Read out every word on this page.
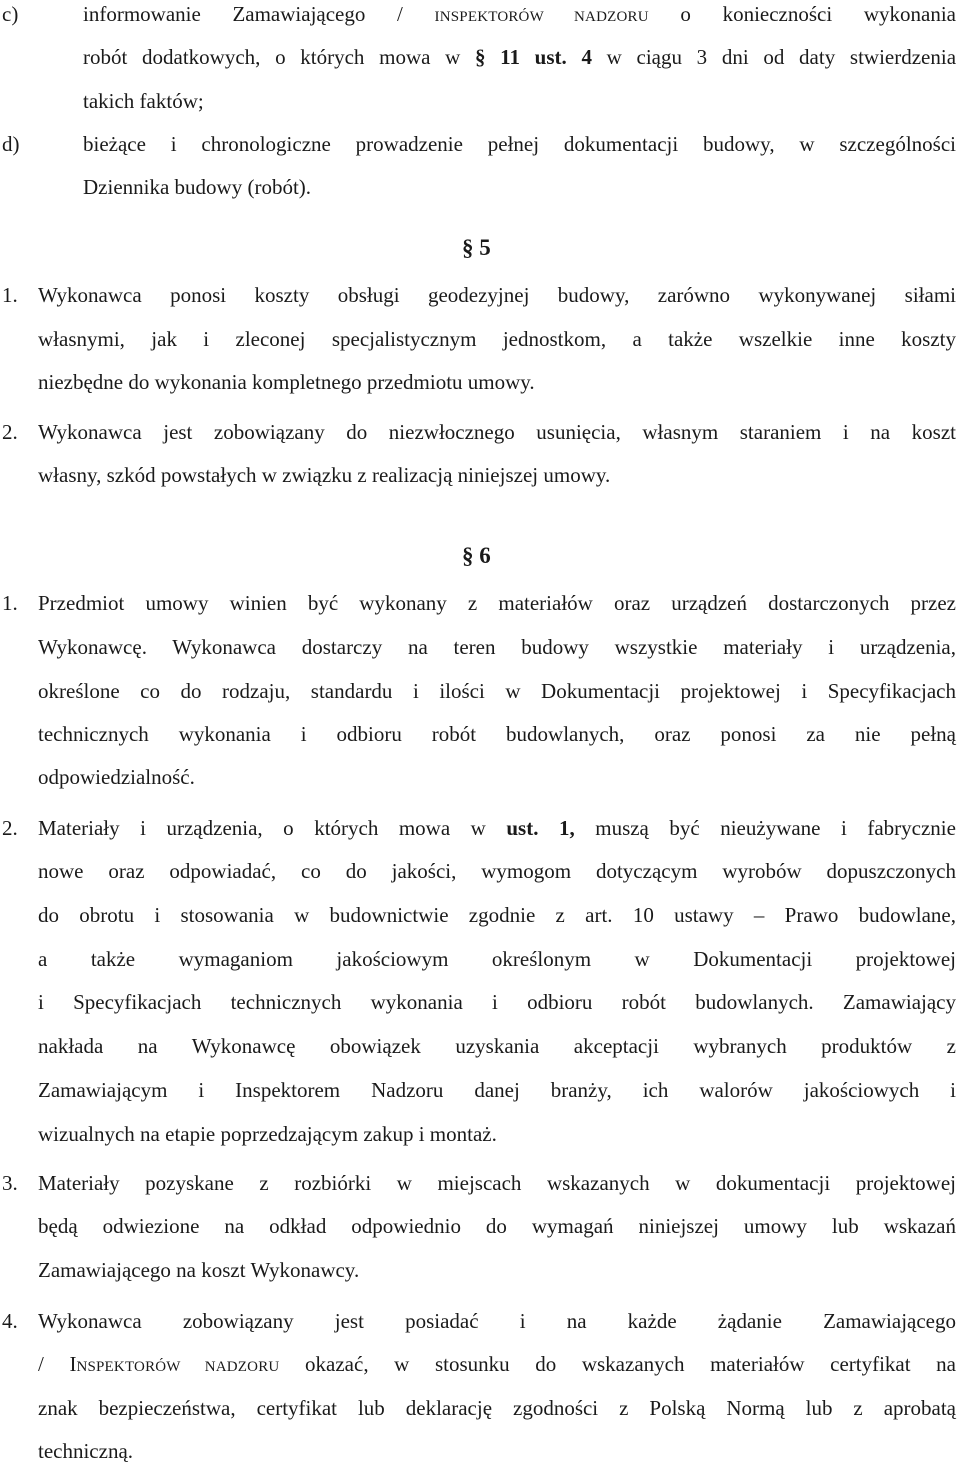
c)	informowanie Zamawiającego / INSPEKTORÓW NADZORU o konieczności wykonania
robót dodatkowych, o których mowa w § 11 ust. 4 w ciągu 3 dni od daty stwierdzenia
takich faktów;
d)	bieżące i chronologiczne prowadzenie pełnej dokumentacji budowy, w szczególności
Dziennika budowy (robót).
§ 5
1. Wykonawca ponosi koszty obsługi geodezyjnej budowy, zarówno wykonywanej siłami
własnymi, jak i zleconej specjalistycznym jednostkom, a także wszelkie inne koszty
niezbędne do wykonania kompletnego przedmiotu umowy.
2. Wykonawca jest zobowiązany do niezwłocznego usunięcia, własnym staraniem i na koszt
własny, szkód powstałych w związku z realizacją niniejszej umowy.
§ 6
1. Przedmiot umowy winien być wykonany z materiałów oraz urządzeń dostarczonych przez
Wykonawcę. Wykonawca dostarczy na teren budowy wszystkie materiały i urządzenia,
określone co do rodzaju, standardu i ilości w Dokumentacji projektowej i Specyfikacjach
technicznych wykonania i odbioru robót budowlanych, oraz ponosi za nie pełną
odpowiedzialność.
2. Materiały i urządzenia, o których mowa w ust. 1, muszą być nieużywane i fabrycznie
nowe oraz odpowiadać, co do jakości, wymogom dotyczącym wyrobów dopuszczonych
do obrotu i stosowania w budownictwie zgodnie z art. 10 ustawy – Prawo budowlane,
a także wymaganiom jakościowym określonym w Dokumentacji projektowej
i Specyfikacjach technicznych wykonania i odbioru robót budowlanych. Zamawiający
nakłada na Wykonawcę obowiązek uzyskania akceptacji wybranych produktów z
Zamawiającym i Inspektorem Nadzoru danej branży, ich walorów jakościowych i
wizualnych na etapie poprzedzającym zakup i montaż.
3. Materiały pozyskane z rozbiórki w miejscach wskazanych w dokumentacji projektowej
będą odwiezione na odkład odpowiednio do wymagań niniejszej umowy lub wskazań
Zamawiającego na koszt Wykonawcy.
4. Wykonawca zobowiązany jest posiadać i na każde żądanie Zamawiającego
/ INSPEKTORÓW NADZORU okazać, w stosunku do wskazanych materiałów certyfikat na
znak bezpieczeństwa, certyfikat lub deklarację zgodności z Polską Normą lub z aprobatą
techniczną.
